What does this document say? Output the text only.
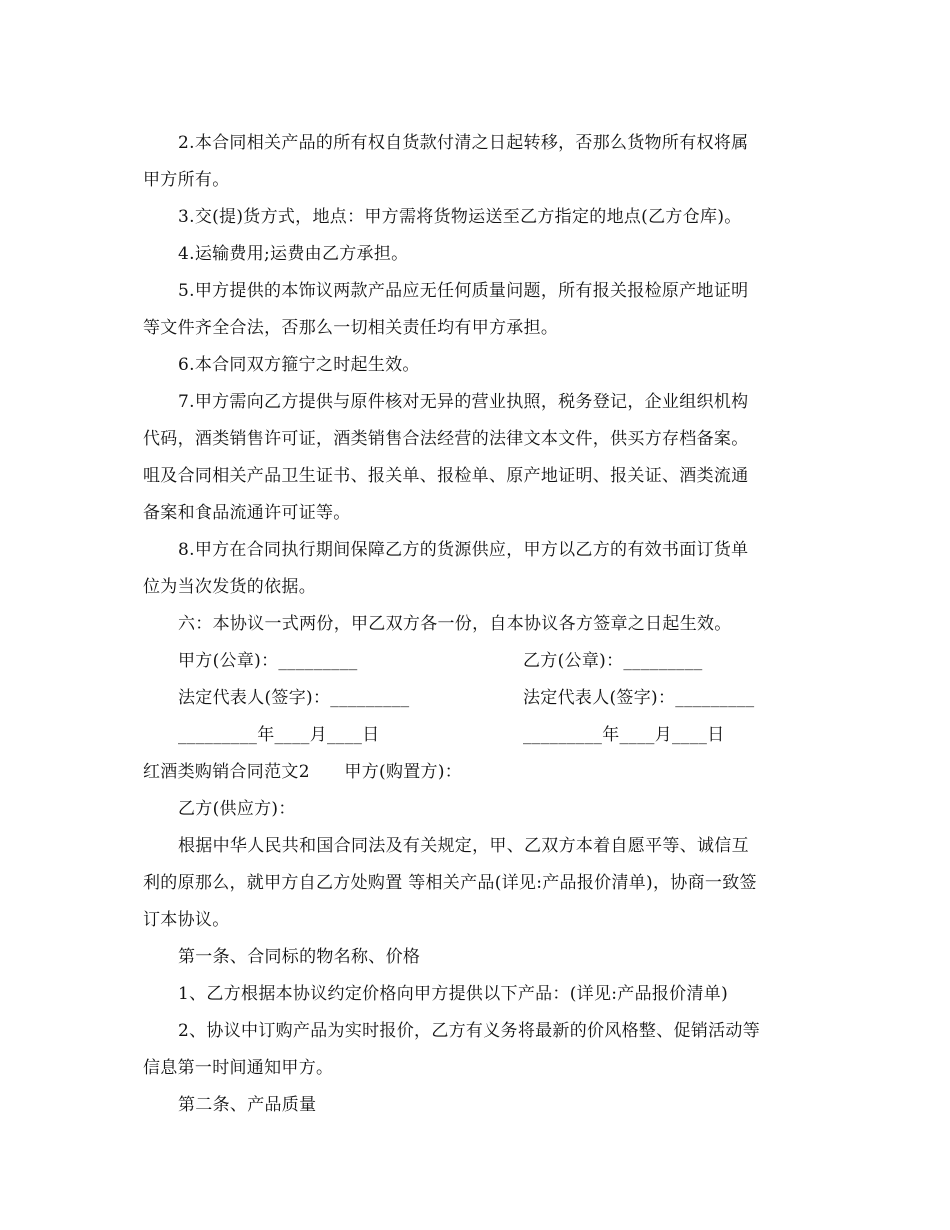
2.本合同相关产品的所有权自货款付清之日起转移，否那么货物所有权将属

甲方所有。

3.交(提)货方式，地点：甲方需将货物运送至乙方指定的地点(乙方仓库)。

4.运输费用;运费由乙方承担。

5.甲方提供的本饰议两款产品应无任何质量问题，所有报关报检原产地证明

等文件齐全合法，否那么一切相关责任均有甲方承担。

6.本合同双方箍宁之时起生效。

7.甲方需向乙方提供与原件核对无异的营业执照，税务登记，企业组织机构

代码，酒类销售许可证，酒类销售合法经营的法律文本文件，供买方存档备案。

咀及合同相关产品卫生证书、报关单、报检单、原产地证明、报关证、酒类流通

备案和食品流通许可证等。

8.甲方在合同执行期间保障乙方的货源供应，甲方以乙方的有效书面订货单

位为当次发货的依据。

六：本协议一式两份，甲乙双方各一份，自本协议各方签章之日起生效。

甲方(公章)：_________	乙方(公章)：_________

法定代表人(签字)：_________	法定代表人(签字)：_________

_________年____月____日	_________年____月____日

红酒类购销合同范文2　　甲方(购置方)：

乙方(供应方)：

根据中华人民共和国合同法及有关规定，甲、乙双方本着自愿平等、诚信互

利的原那么，就甲方自乙方处购置 等相关产品(详见:产品报价清单)，协商一致签

订本协议。

第一条、合同标的物名称、价格

1、乙方根据本协议约定价格向甲方提供以下产品：(详见:产品报价清单)

2、协议中订购产品为实时报价，乙方有义务将最新的价风格整、促销活动等

信息第一时间通知甲方。

第二条、产品质量
